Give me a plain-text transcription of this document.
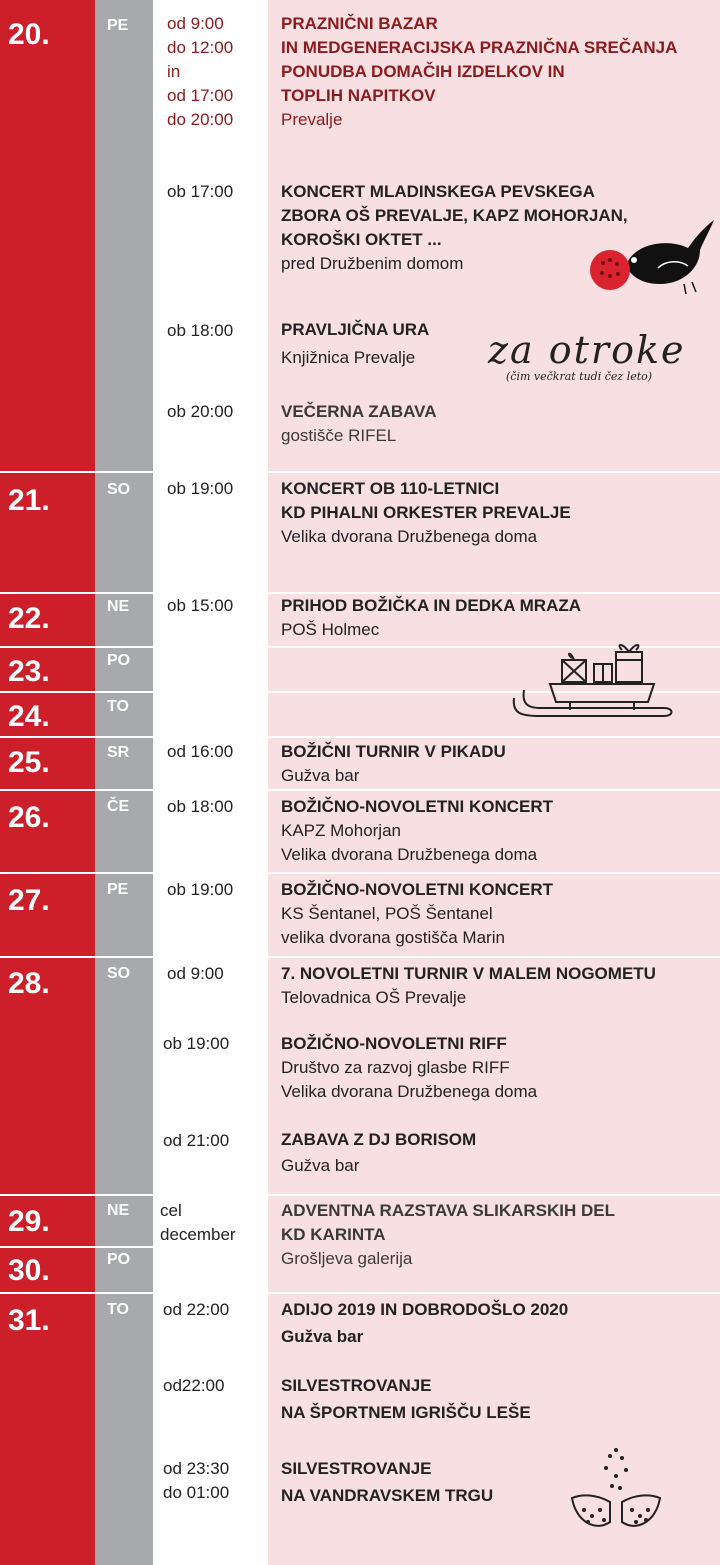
20.
21.
22.
23.
24.
25.
26.
27.
28.
29.
30.
31.
PE
SO
NE
PO
TO
SR
ČE
PE
SO
NE
PO
TO
od 9:00
do 12:00
in
od 17:00
do 20:00
ob 17:00
ob 18:00
ob 20:00
ob 19:00
ob 15:00
od 16:00
ob 18:00
ob 19:00
od 9:00
ob 19:00
od 21:00
cel
december
od 22:00
od22:00
od 23:30
do 01:00
PRAZNIČNI BAZAR
IN MEDGENERACIJSKA PRAZNIČNA SREČANJA
PONUDBA DOMAČIH IZDELKOV IN
TOPLIH NAPITKOV
Prevalje
KONCERT MLADINSKEGA PEVSKEGA
ZBORA OŠ PREVALJE, KAPZ MOHORJAN,
KOROŠKI OKTET ...
pred Družbenim domom
PRAVLJIČNA URA
Knjižnica Prevalje
VEČERNA ZABAVA
gostišče RIFEL
KONCERT OB 110-LETNICI
KD PIHALNI ORKESTER PREVALJE
Velika dvorana Družbenega doma
PRIHOD BOŽIČKA IN DEDKA MRAZA
POŠ Holmec
BOŽIČNI TURNIR V PIKADU
Gužva bar
BOŽIČNO-NOVOLETNI KONCERT
KAPZ Mohorjan
Velika dvorana Družbenega doma
BOŽIČNO-NOVOLETNI KONCERT
KS Šentanel, POŠ Šentanel
velika dvorana gostišča Marin
7. NOVOLETNI TURNIR V MALEM NOGOMETU
Telovadnica OŠ Prevalje
BOŽIČNO-NOVOLETNI RIFF
Društvo za razvoj glasbe RIFF
Velika dvorana Družbenega doma
ZABAVA Z DJ BORISOM
Gužva bar
ADVENTNA RAZSTAVA SLIKARSKIH DEL
KD KARINTA
Grošljeva galerija
ADIJO 2019 IN DOBRODOŠLO 2020
Gužva bar
SILVESTROVANJE
NA ŠPORTNEM IGRIŠČU LEŠE
SILVESTROVANJE
NA VANDRAVSKEM TRGU
za otroke
(čim večkrat tudi čez leto)
